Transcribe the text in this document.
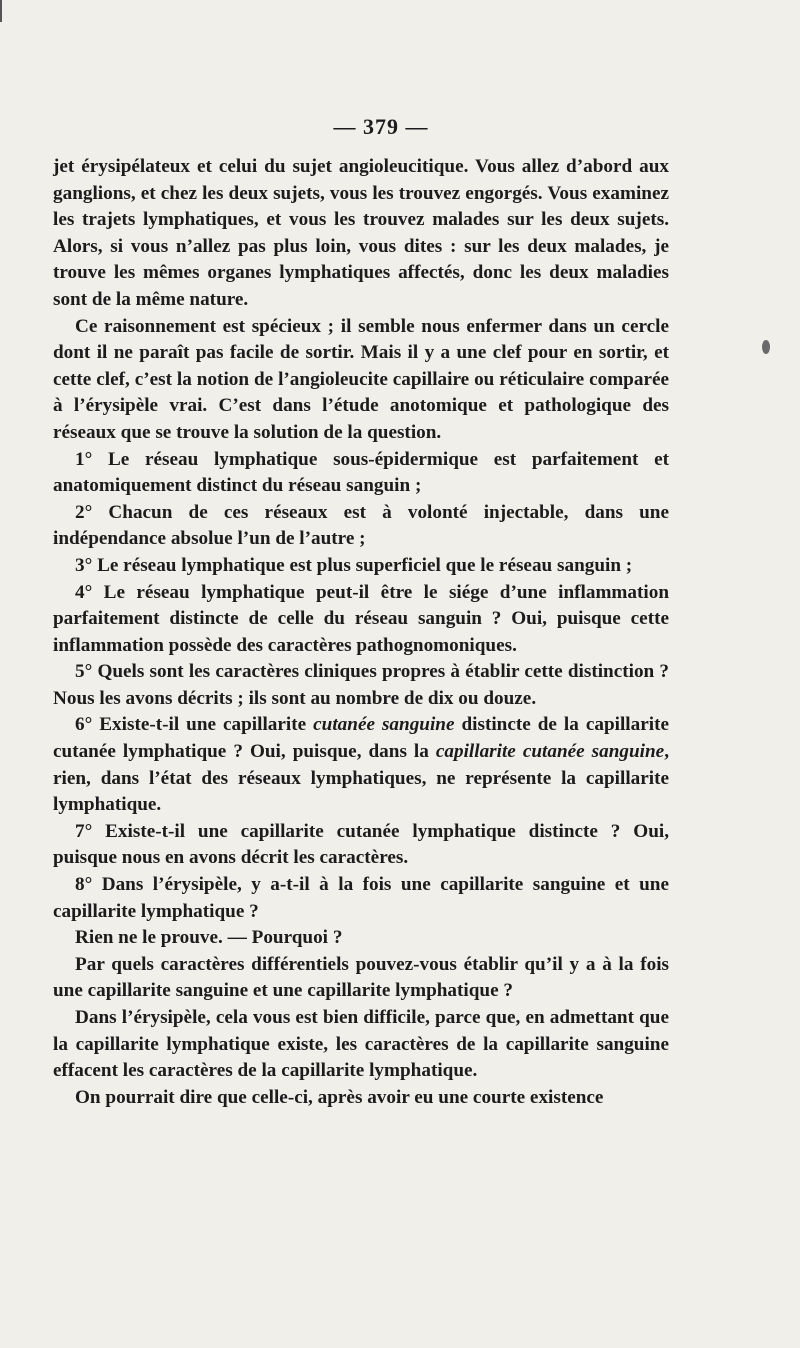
— 379 —

jet érysipélateux et celui du sujet angioleucitique. Vous allez d’abord aux ganglions, et chez les deux sujets, vous les trouvez engorgés. Vous examinez les trajets lymphatiques, et vous les trouvez malades sur les deux sujets. Alors, si vous n’allez pas plus loin, vous dites : sur les deux malades, je trouve les mêmes organes lymphatiques affectés, donc les deux maladies sont de la même nature.

Ce raisonnement est spécieux ; il semble nous enfermer dans un cercle dont il ne paraît pas facile de sortir. Mais il y a une clef pour en sortir, et cette clef, c’est la notion de l’angioleucite capillaire ou réticulaire comparée à l’érysipèle vrai. C’est dans l’étude anotomique et pathologique des réseaux que se trouve la solution de la question.

1° Le réseau lymphatique sous-épidermique est parfaitement et anatomiquement distinct du réseau sanguin ;

2° Chacun de ces réseaux est à volonté injectable, dans une indépendance absolue l’un de l’autre ;

3° Le réseau lymphatique est plus superficiel que le réseau sanguin ;

4° Le réseau lymphatique peut-il être le siége d’une inflammation parfaitement distincte de celle du réseau sanguin ? Oui, puisque cette inflammation possède des caractères pathognomoniques.

5° Quels sont les caractères cliniques propres à établir cette distinction ? Nous les avons décrits ; ils sont au nombre de dix ou douze.

6° Existe-t-il une capillarite cutanée sanguine distincte de la capillarite cutanée lymphatique ? Oui, puisque, dans la capillarite cutanée sanguine, rien, dans l’état des réseaux lymphatiques, ne représente la capillarite lymphatique.

7° Existe-t-il une capillarite cutanée lymphatique distincte ? Oui, puisque nous en avons décrit les caractères.

8° Dans l’érysipèle, y a-t-il à la fois une capillarite sanguine et une capillarite lymphatique ?

Rien ne le prouve. — Pourquoi ?

Par quels caractères différentiels pouvez-vous établir qu’il y a à la fois une capillarite sanguine et une capillarite lymphatique ?

Dans l’érysipèle, cela vous est bien difficile, parce que, en admettant que la capillarite lymphatique existe, les caractères de la capillarite sanguine effacent les caractères de la capillarite lymphatique.

On pourrait dire que celle-ci, après avoir eu une courte existence
